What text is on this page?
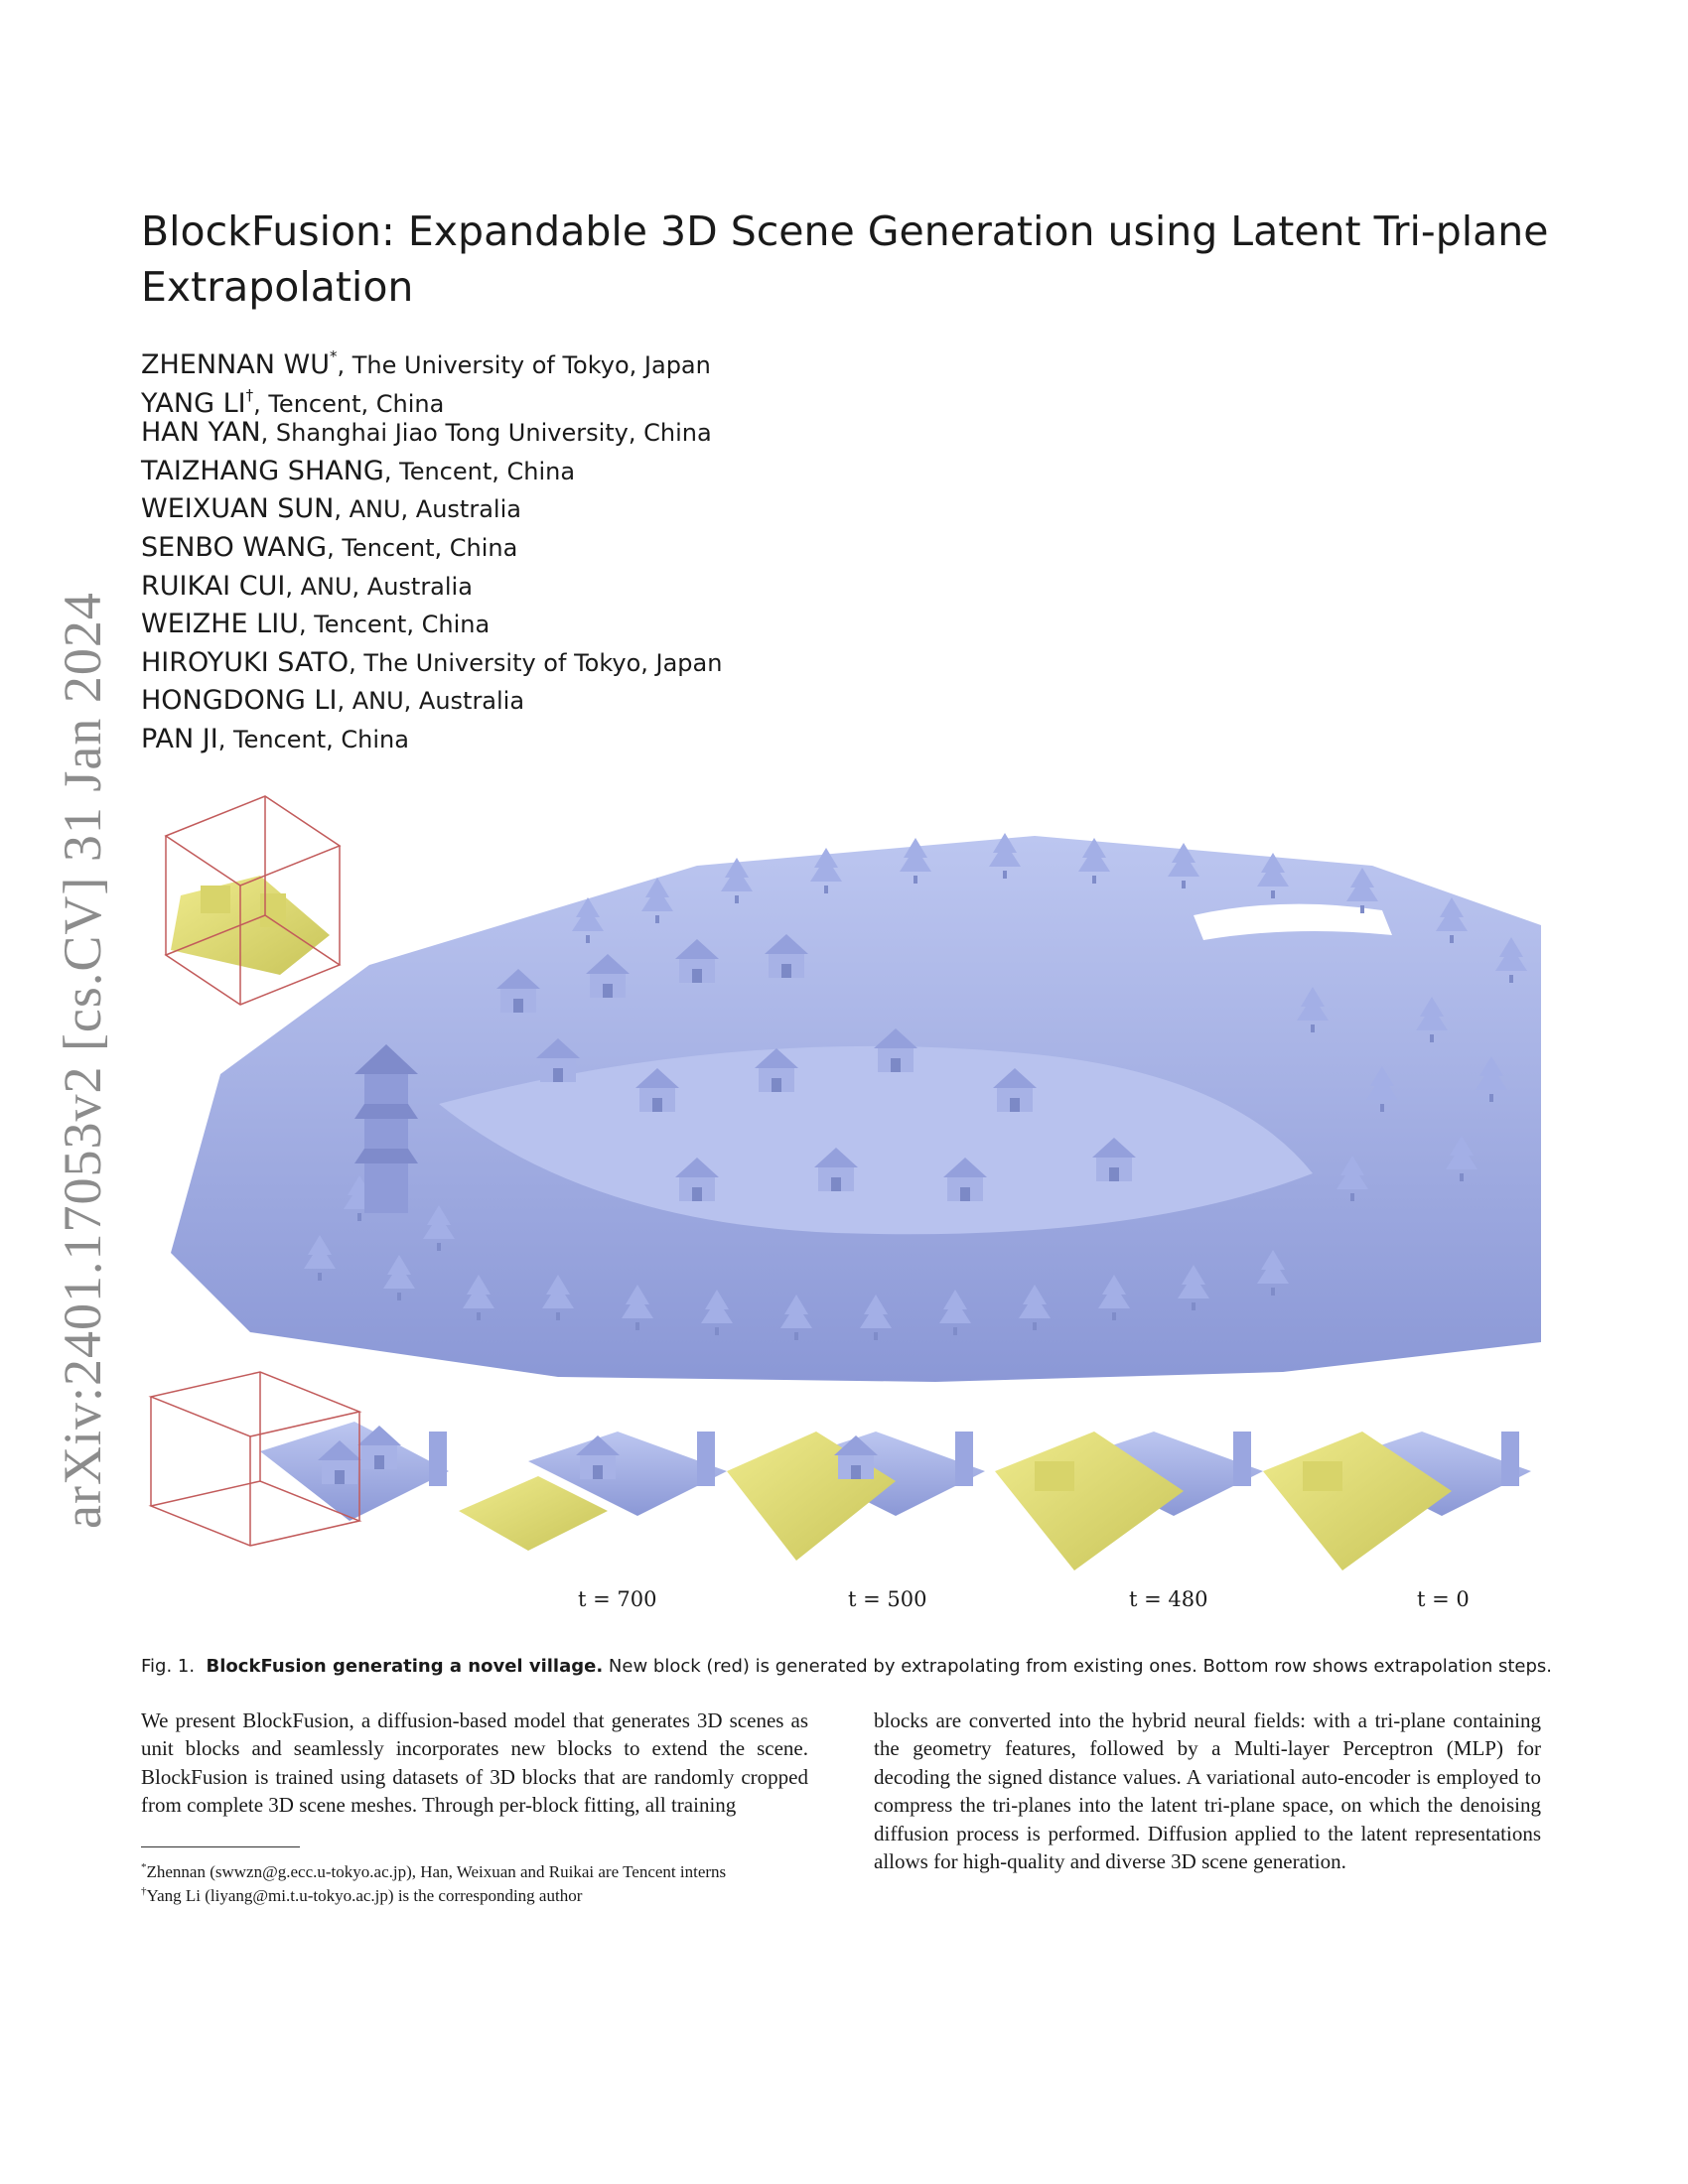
arXiv:2401.17053v2 [cs.CV] 31 Jan 2024
BlockFusion: Expandable 3D Scene Generation using Latent Tri-plane Extrapolation
ZHENNAN WU*, The University of Tokyo, Japan
YANG LI†, Tencent, China
HAN YAN, Shanghai Jiao Tong University, China
TAIZHANG SHANG, Tencent, China
WEIXUAN SUN, ANU, Australia
SENBO WANG, Tencent, China
RUIKAI CUI, ANU, Australia
WEIZHE LIU, Tencent, China
HIROYUKI SATO, The University of Tokyo, Japan
HONGDONG LI, ANU, Australia
PAN JI, Tencent, China
t = 700	t = 500	t = 480	t = 0

Fig. 1. BlockFusion generating a novel village. New block (red) is generated by extrapolating from existing ones. Bottom row shows extrapolation steps.

We present BlockFusion, a diffusion-based model that generates 3D scenes as unit blocks and seamlessly incorporates new blocks to extend the scene. BlockFusion is trained using datasets of 3D blocks that are randomly cropped from complete 3D scene meshes. Through per-block fitting, all training

blocks are converted into the hybrid neural fields: with a tri-plane containing the geometry features, followed by a Multi-layer Perceptron (MLP) for decoding the signed distance values. A variational auto-encoder is employed to compress the tri-planes into the latent tri-plane space, on which the denoising diffusion process is performed. Diffusion applied to the latent representations allows for high-quality and diverse 3D scene generation.

*Zhennan (swwzn@g.ecc.u-tokyo.ac.jp), Han, Weixuan and Ruikai are Tencent interns
†Yang Li (liyang@mi.t.u-tokyo.ac.jp) is the corresponding author
